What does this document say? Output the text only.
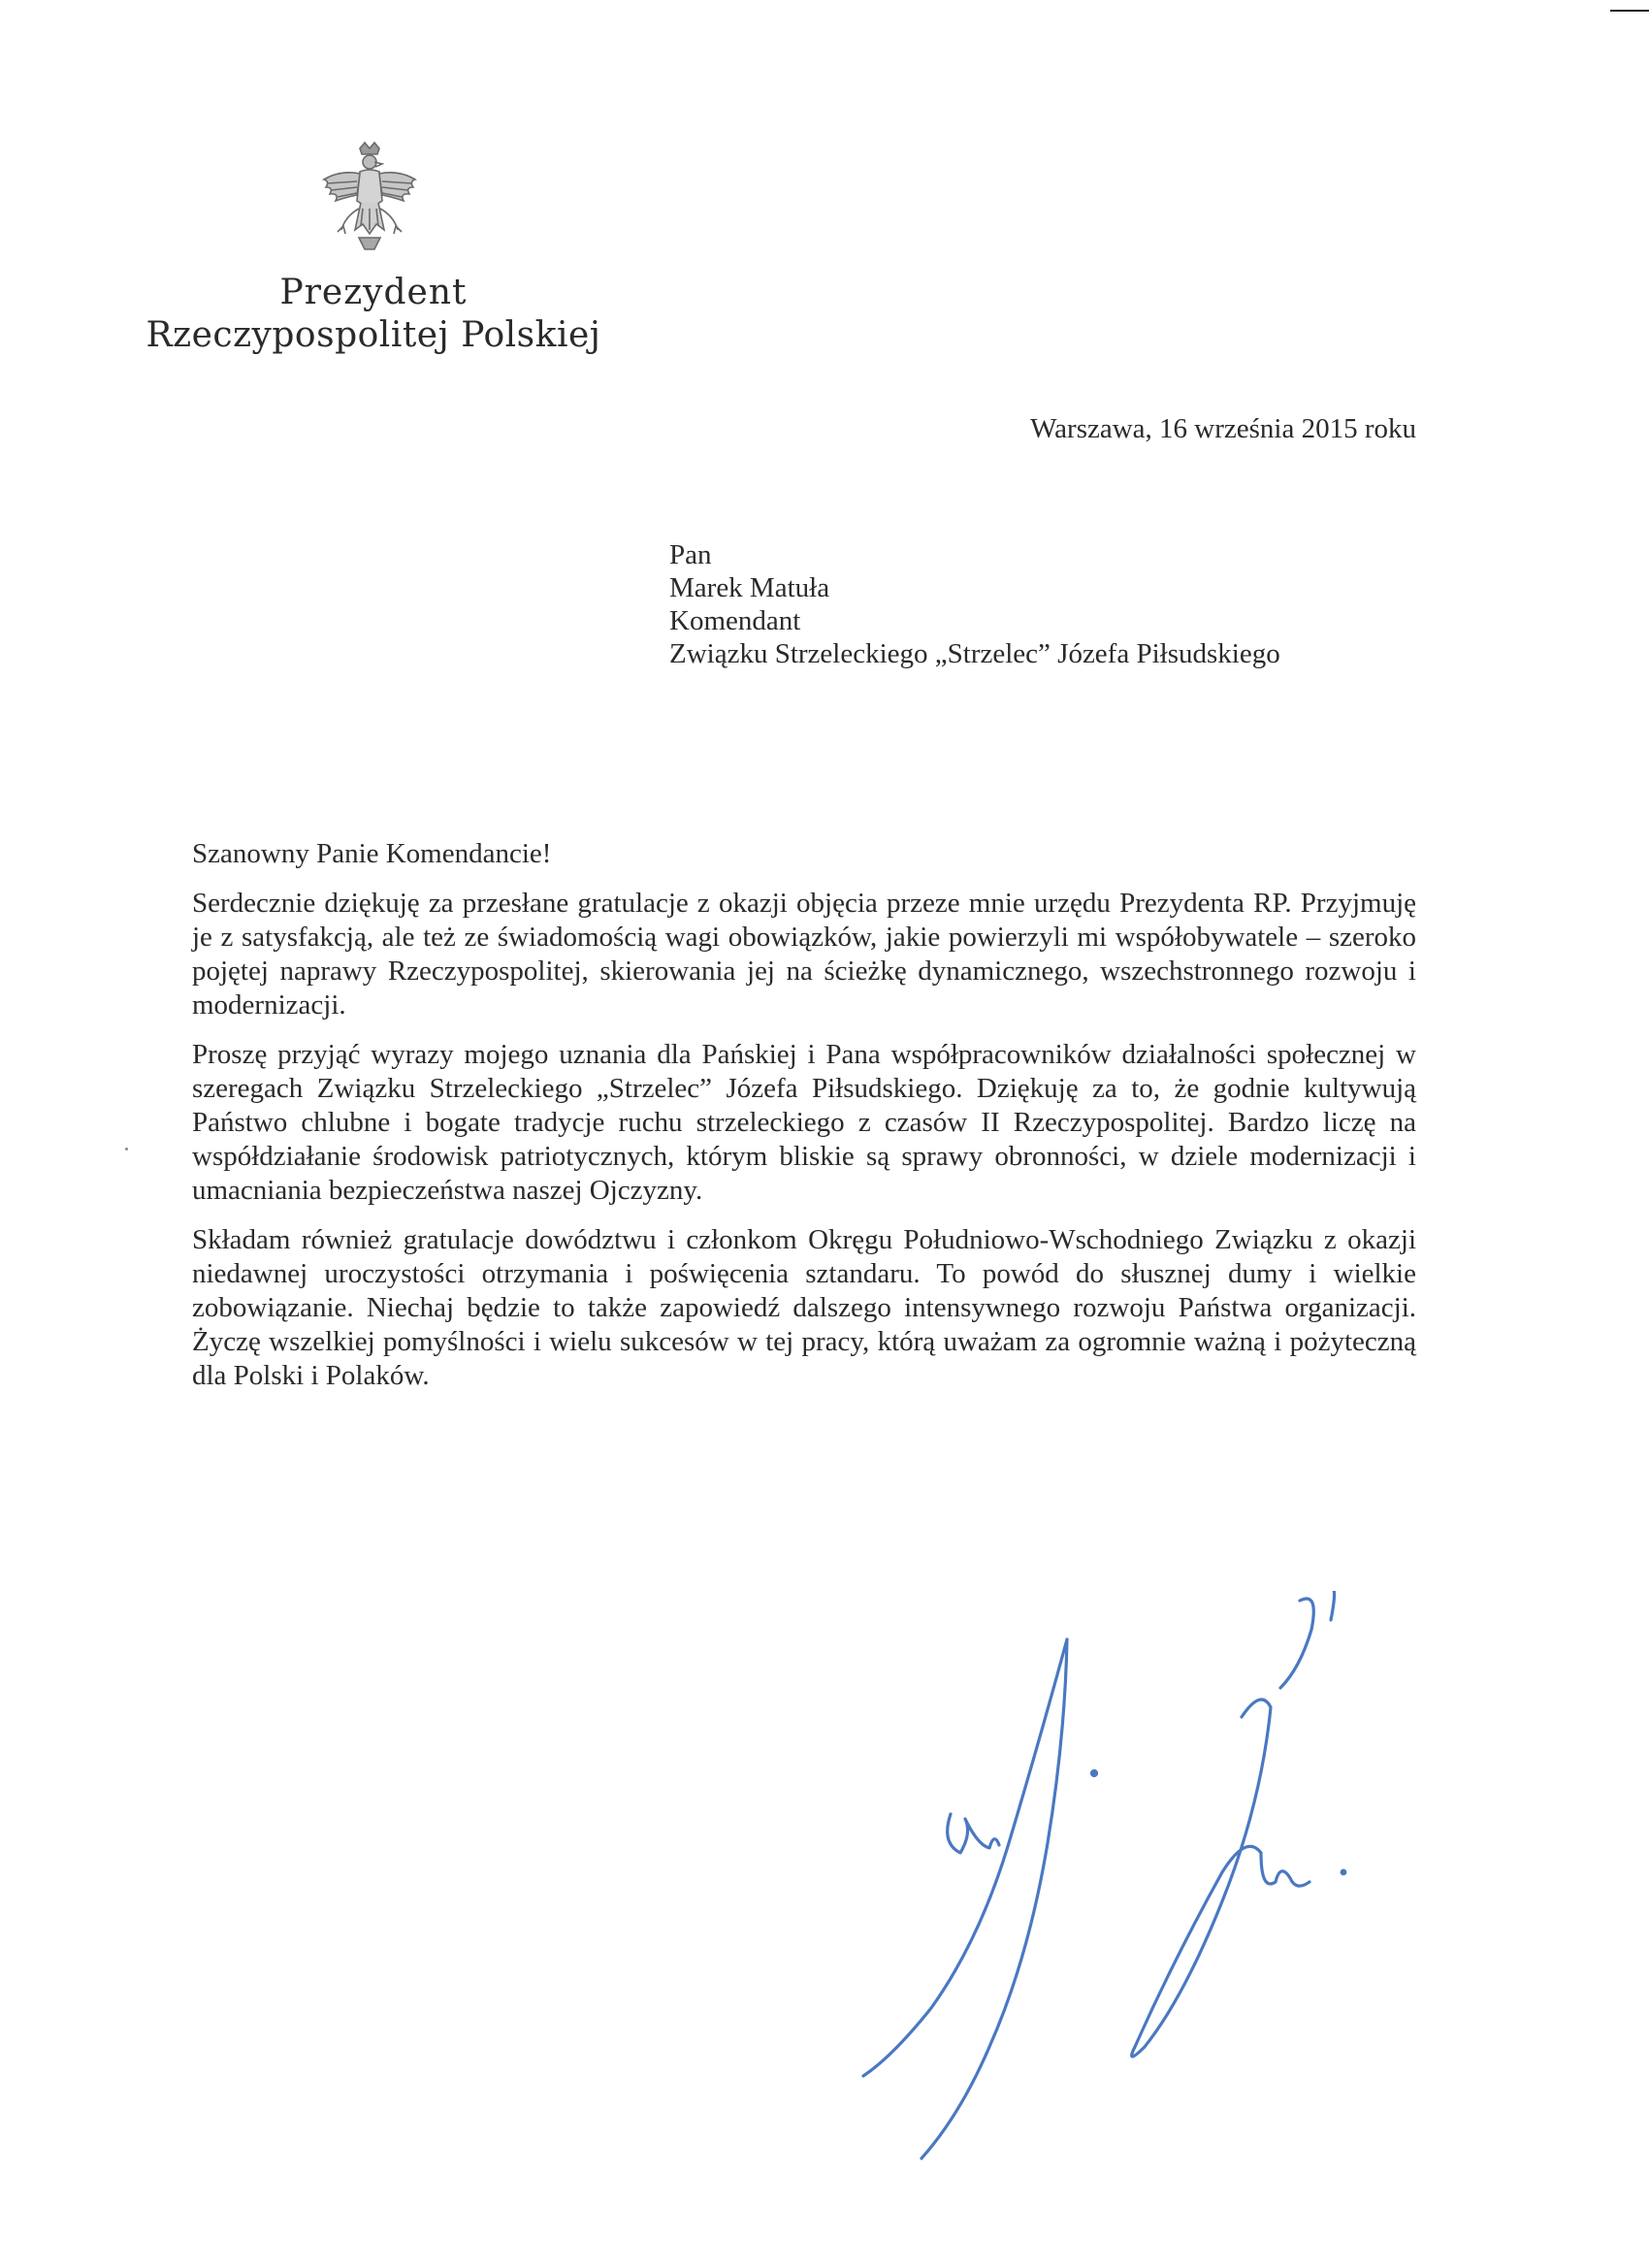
Prezydent
Rzeczypospolitej Polskiej
Warszawa, 16 września 2015 roku
Pan
Marek Matuła
Komendant
Związku Strzeleckiego „Strzelec” Józefa Piłsudskiego
Szanowny Panie Komendancie!

Serdecznie dziękuję za przesłane gratulacje z okazji objęcia przeze mnie urzędu Prezydenta RP. Przyjmuję je z satysfakcją, ale też ze świadomością wagi obowiązków, jakie powierzyli mi współobywatele – szeroko pojętej naprawy Rzeczypospolitej, skierowania jej na ścieżkę dynamicznego, wszechstronnego rozwoju i modernizacji.

Proszę przyjąć wyrazy mojego uznania dla Pańskiej i Pana współpracowników działalności społecznej w szeregach Związku Strzeleckiego „Strzelec” Józefa Piłsudskiego. Dziękuję za to, że godnie kultywują Państwo chlubne i bogate tradycje ruchu strzeleckiego z czasów II Rzeczypospolitej. Bardzo liczę na współdziałanie środowisk patriotycznych, którym bliskie są sprawy obronności, w dziele modernizacji i umacniania bezpieczeństwa naszej Ojczyzny.

Składam również gratulacje dowództwu i członkom Okręgu Południowo-Wschodniego Związku z okazji niedawnej uroczystości otrzymania i poświęcenia sztandaru. To powód do słusznej dumy i wielkie zobowiązanie. Niechaj będzie to także zapowiedź dalszego intensywnego rozwoju Państwa organizacji. Życzę wszelkiej pomyślności i wielu sukcesów w tej pracy, którą uważam za ogromnie ważną i pożyteczną dla Polski i Polaków.
